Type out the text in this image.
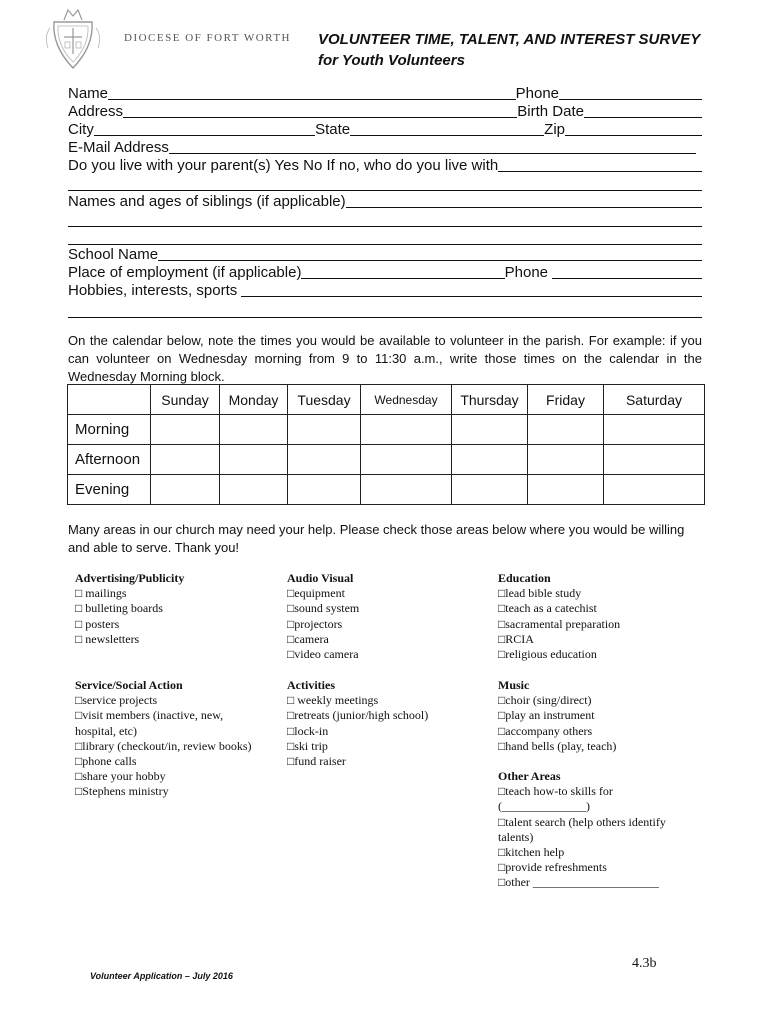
DIOCESE OF FORT WORTH VOLUNTEER TIME, TALENT, AND INTEREST SURVEY
for Youth Volunteers
Name	Phone
Address	Birth Date
City	State	Zip
E-Mail Address
Do you live with your parent(s) Yes No If no, who do you live with
Names and ages of siblings (if applicable)
School Name
Place of employment (if applicable)	Phone
Hobbies, interests, sports
On the calendar below, note the times you would be available to volunteer in the parish. For example: if you can volunteer on Wednesday morning from 9 to 11:30 a.m., write those times on the calendar in the Wednesday Morning block.
	Sunday	Monday	Tuesday	Wednesday	Thursday	Friday	Saturday
Morning							
Afternoon							
Evening							
Many areas in our church may need your help. Please check those areas below where you would be willing and able to serve. Thank you!
Advertising/Publicity
□ mailings
□ bulleting boards
□ posters
□ newsletters
Service/Social Action
□service projects
□visit members (inactive, new,
hospital, etc)
□library (checkout/in, review books)
□phone calls
□share your hobby
□Stephens ministry
Audio Visual
□equipment
□sound system
□projectors
□camera
□video camera
Activities
□ weekly meetings
□retreats (junior/high school)
□lock-in
□ski trip
□fund raiser
Education
□lead bible study
□teach as a catechist
□sacramental preparation
□RCIA
□religious education
Music
□choir (sing/direct)
□play an instrument
□accompany others
□hand bells (play, teach)
Other Areas
□teach how-to skills for
(______________)
□talent search (help others identify
talents)
□kitchen help
□provide refreshments
□other _____________________
4.3b
Volunteer Application – July 2016
